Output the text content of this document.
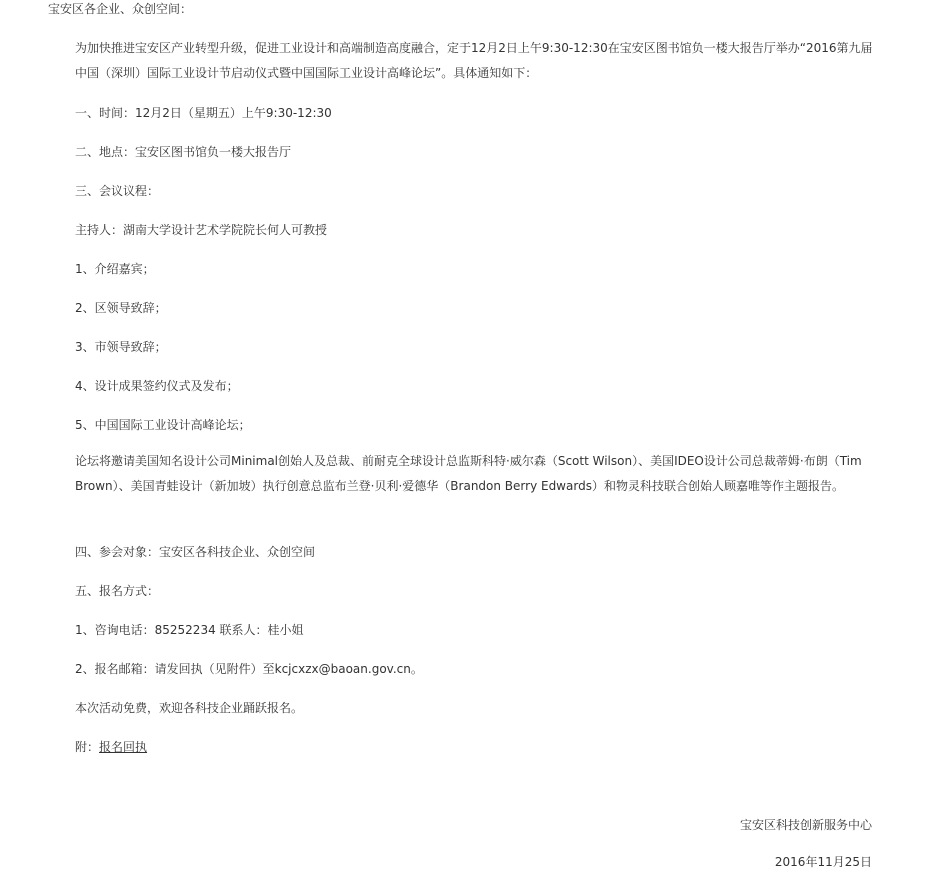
宝安区各企业、众创空间：
为加快推进宝安区产业转型升级，促进工业设计和高端制造高度融合，定于12月2日上午9:30-12:30在宝安区图书馆负一楼大报告厅举办“2016第九届中国（深圳）国际工业设计节启动仪式暨中国国际工业设计高峰论坛”。具体通知如下：
一、时间：12月2日（星期五）上午9:30-12:30
二、地点：宝安区图书馆负一楼大报告厅
三、会议议程：
主持人：湖南大学设计艺术学院院长何人可教授
1、介绍嘉宾；
2、区领导致辞；
3、市领导致辞；
4、设计成果签约仪式及发布；
5、中国国际工业设计高峰论坛；
论坛将邀请美国知名设计公司Minimal创始人及总裁、前耐克全球设计总监斯科特·威尔森（Scott Wilson）、美国IDEO设计公司总裁蒂姆·布朗（Tim Brown）、美国青蛙设计（新加坡）执行创意总监布兰登·贝利·爱德华（Brandon Berry Edwards）和物灵科技联合创始人顾嘉唯等作主题报告。
四、参会对象：宝安区各科技企业、众创空间
五、报名方式：
1、咨询电话：85252234 联系人：桂小姐
2、报名邮箱：请发回执（见附件）至kcjcxzx@baoan.gov.cn。
本次活动免费，欢迎各科技企业踊跃报名。
附：报名回执
宝安区科技创新服务中心
2016年11月25日
